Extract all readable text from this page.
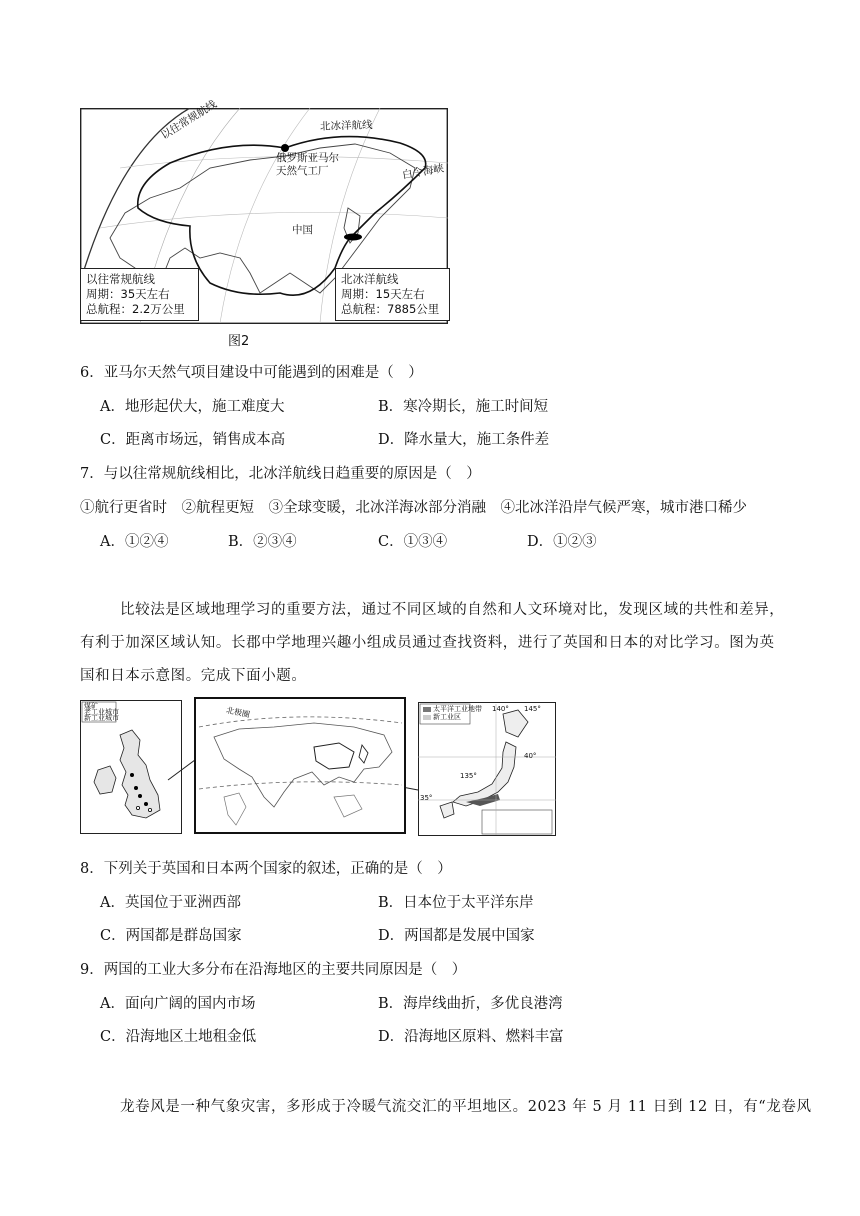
北冰洋航线
以往常规航线
俄罗斯亚马尔
天然气工厂	白令海峡
中国
以往常规航线
周期：35天左右
总航程：2.2万公里
北冰洋航线
周期：15天左右
总航程：7885公里
图2
6．亚马尔天然气项目建设中可能遇到的困难是（　）
A．地形起伏大，施工难度大	B．寒冷期长，施工时间短
C．距离市场远，销售成本高	D．降水量大，施工条件差
7．与以往常规航线相比，北冰洋航线日趋重要的原因是（　）
①航行更省时　②航程更短　③全球变暖，北冰洋海冰部分消融　④北冰洋沿岸气候严寒，城市港口稀少
A．①②④	B．②③④	C．①③④	D．①②③
比较法是区域地理学习的重要方法，通过不同区域的自然和人文环境对比，发现区域的共性和差异，
有利于加深区域认知。长郡中学地理兴趣小组成员通过查找资料，进行了英国和日本的对比学习。图为英
国和日本示意图。完成下面小题。
煤矿
老工业城市
新工业城市	北极圈	太平洋工业地带
新工业区
140° 145°
40°
135°
35°
8．下列关于英国和日本两个国家的叙述，正确的是（　）
A．英国位于亚洲西部	B．日本位于太平洋东岸
C．两国都是群岛国家	D．两国都是发展中国家
9．两国的工业大多分布在沿海地区的主要共同原因是（　）
A．面向广阔的国内市场	B．海岸线曲折，多优良港湾
C．沿海地区土地租金低	D．沿海地区原料、燃料丰富
龙卷风是一种气象灾害，多形成于冷暖气流交汇的平坦地区。2023 年 5 月 11 日到 12 日，有“龙卷风
